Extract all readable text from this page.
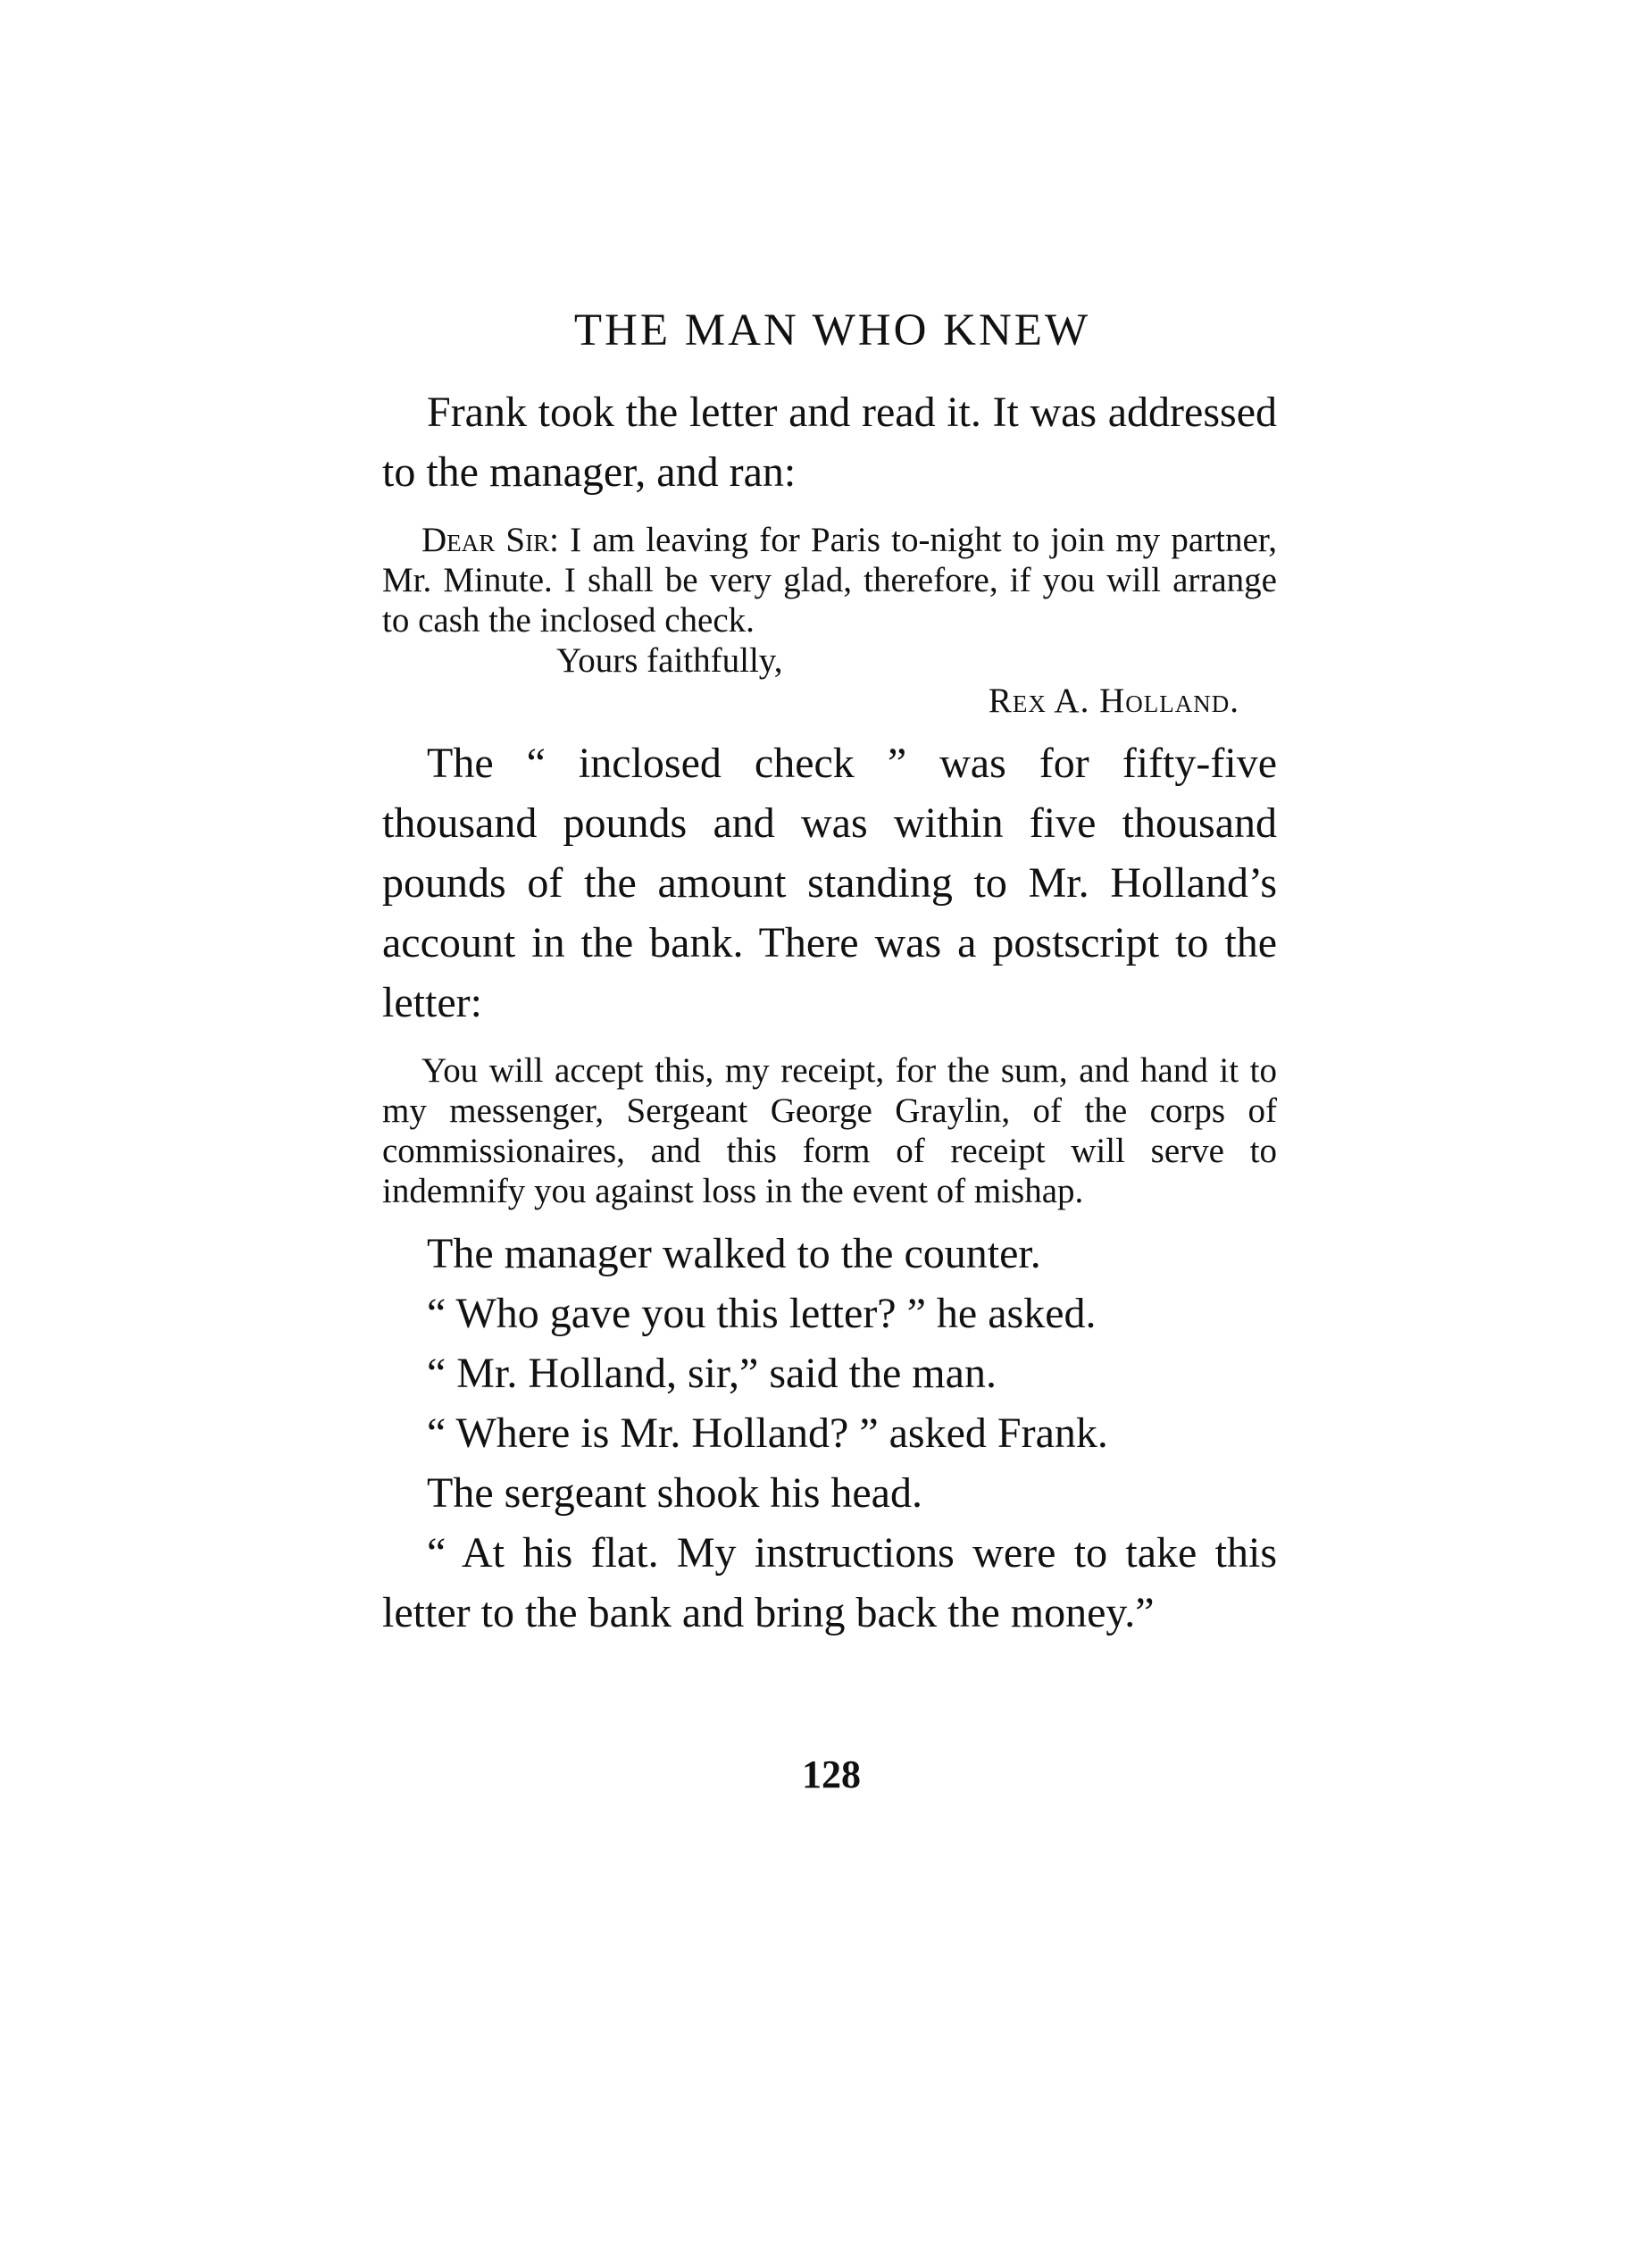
THE MAN WHO KNEW

Frank took the letter and read it. It was addressed to the manager, and ran:

Dear Sir: I am leaving for Paris to-night to join my partner, Mr. Minute. I shall be very glad, therefore, if you will arrange to cash the inclosed check.

Yours faithfully,

Rex A. Holland.

The “ inclosed check ” was for fifty-five thousand pounds and was within five thousand pounds of the amount standing to Mr. Holland’s account in the bank. There was a postscript to the letter:

You will accept this, my receipt, for the sum, and hand it to my messenger, Sergeant George Graylin, of the corps of commissionaires, and this form of receipt will serve to indemnify you against loss in the event of mishap.

The manager walked to the counter.

“ Who gave you this letter? ” he asked.

“ Mr. Holland, sir,” said the man.

“ Where is Mr. Holland? ” asked Frank.

The sergeant shook his head.

“ At his flat. My instructions were to take this letter to the bank and bring back the money.”

128
